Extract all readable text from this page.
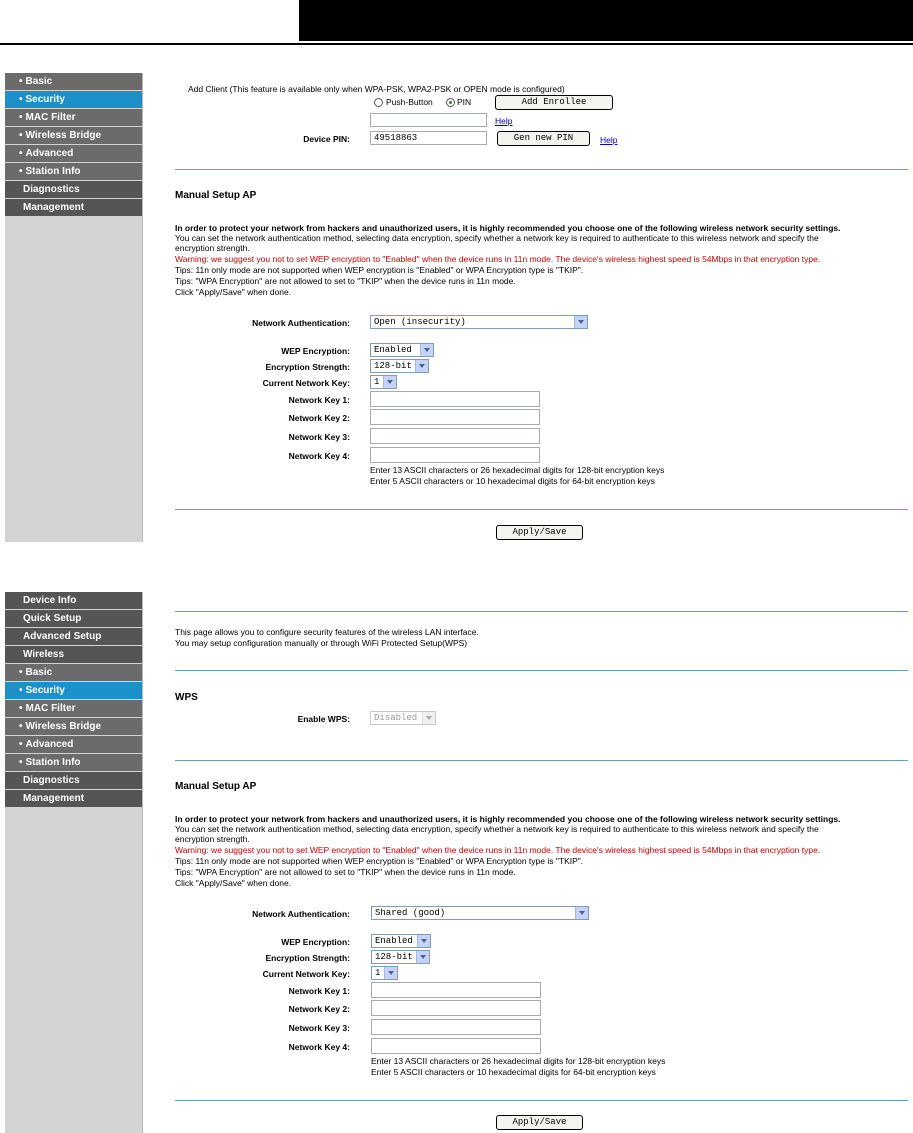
• Basic
• Security
• MAC Filter
• Wireless Bridge
• Advanced
• Station Info
Diagnostics
Management
Add Client (This feature is available only when WPA-PSK, WPA2-PSK or OPEN mode is configured)
Push-Button	PIN	Add Enrollee
Help
Device PIN:	49518863	Gen new PIN	Help
Manual Setup AP
In order to protect your network from hackers and unauthorized users, it is highly recommended you choose one of the following wireless network security settings.
You can set the network authentication method, selecting data encryption, specify whether a network key is required to authenticate to this wireless network and specify the
encryption strength.
Warning: we suggest you not to set WEP encryption to "Enabled" when the device runs in 11n mode. The device's wireless highest speed is 54Mbps in that encryption type.
Tips: 11n only mode are not supported when WEP encryption is "Enabled" or WPA Encryption type is "TKIP".
Tips: "WPA Encryption" are not allowed to set to "TKIP" when the device runs in 11n mode.
Click "Apply/Save" when done.
Network Authentication:	Open (insecurity)
WEP Encryption:	Enabled
Encryption Strength:	128-bit
Current Network Key:	1
Network Key 1:
Network Key 2:
Network Key 3:
Network Key 4:
Enter 13 ASCII characters or 26 hexadecimal digits for 128-bit encryption keys
Enter 5 ASCII characters or 10 hexadecimal digits for 64-bit encryption keys
Apply/Save
Device Info
Quick Setup
Advanced Setup
Wireless
• Basic
• Security
• MAC Filter
• Wireless Bridge
• Advanced
• Station Info
Diagnostics
Management
This page allows you to configure security features of the wireless LAN interface.
You may setup configuration manually or through WiFi Protected Setup(WPS)
WPS
Enable WPS:	Disabled
Manual Setup AP
In order to protect your network from hackers and unauthorized users, it is highly recommended you choose one of the following wireless network security settings.
You can set the network authentication method, selecting data encryption, specify whether a network key is required to authenticate to this wireless network and specify the
encryption strength.
Warning: we suggest you not to set WEP encryption to "Enabled" when the device runs in 11n mode. The device's wireless highest speed is 54Mbps in that encryption type.
Tips: 11n only mode are not supported when WEP encryption is "Enabled" or WPA Encryption type is "TKIP".
Tips: "WPA Encryption" are not allowed to set to "TKIP" when the device runs in 11n mode.
Click "Apply/Save" when done.
Network Authentication:	Shared (good)
WEP Encryption:	Enabled
Encryption Strength:	128-bit
Current Network Key:	1
Network Key 1:
Network Key 2:
Network Key 3:
Network Key 4:
Enter 13 ASCII characters or 26 hexadecimal digits for 128-bit encryption keys
Enter 5 ASCII characters or 10 hexadecimal digits for 64-bit encryption keys
Apply/Save
